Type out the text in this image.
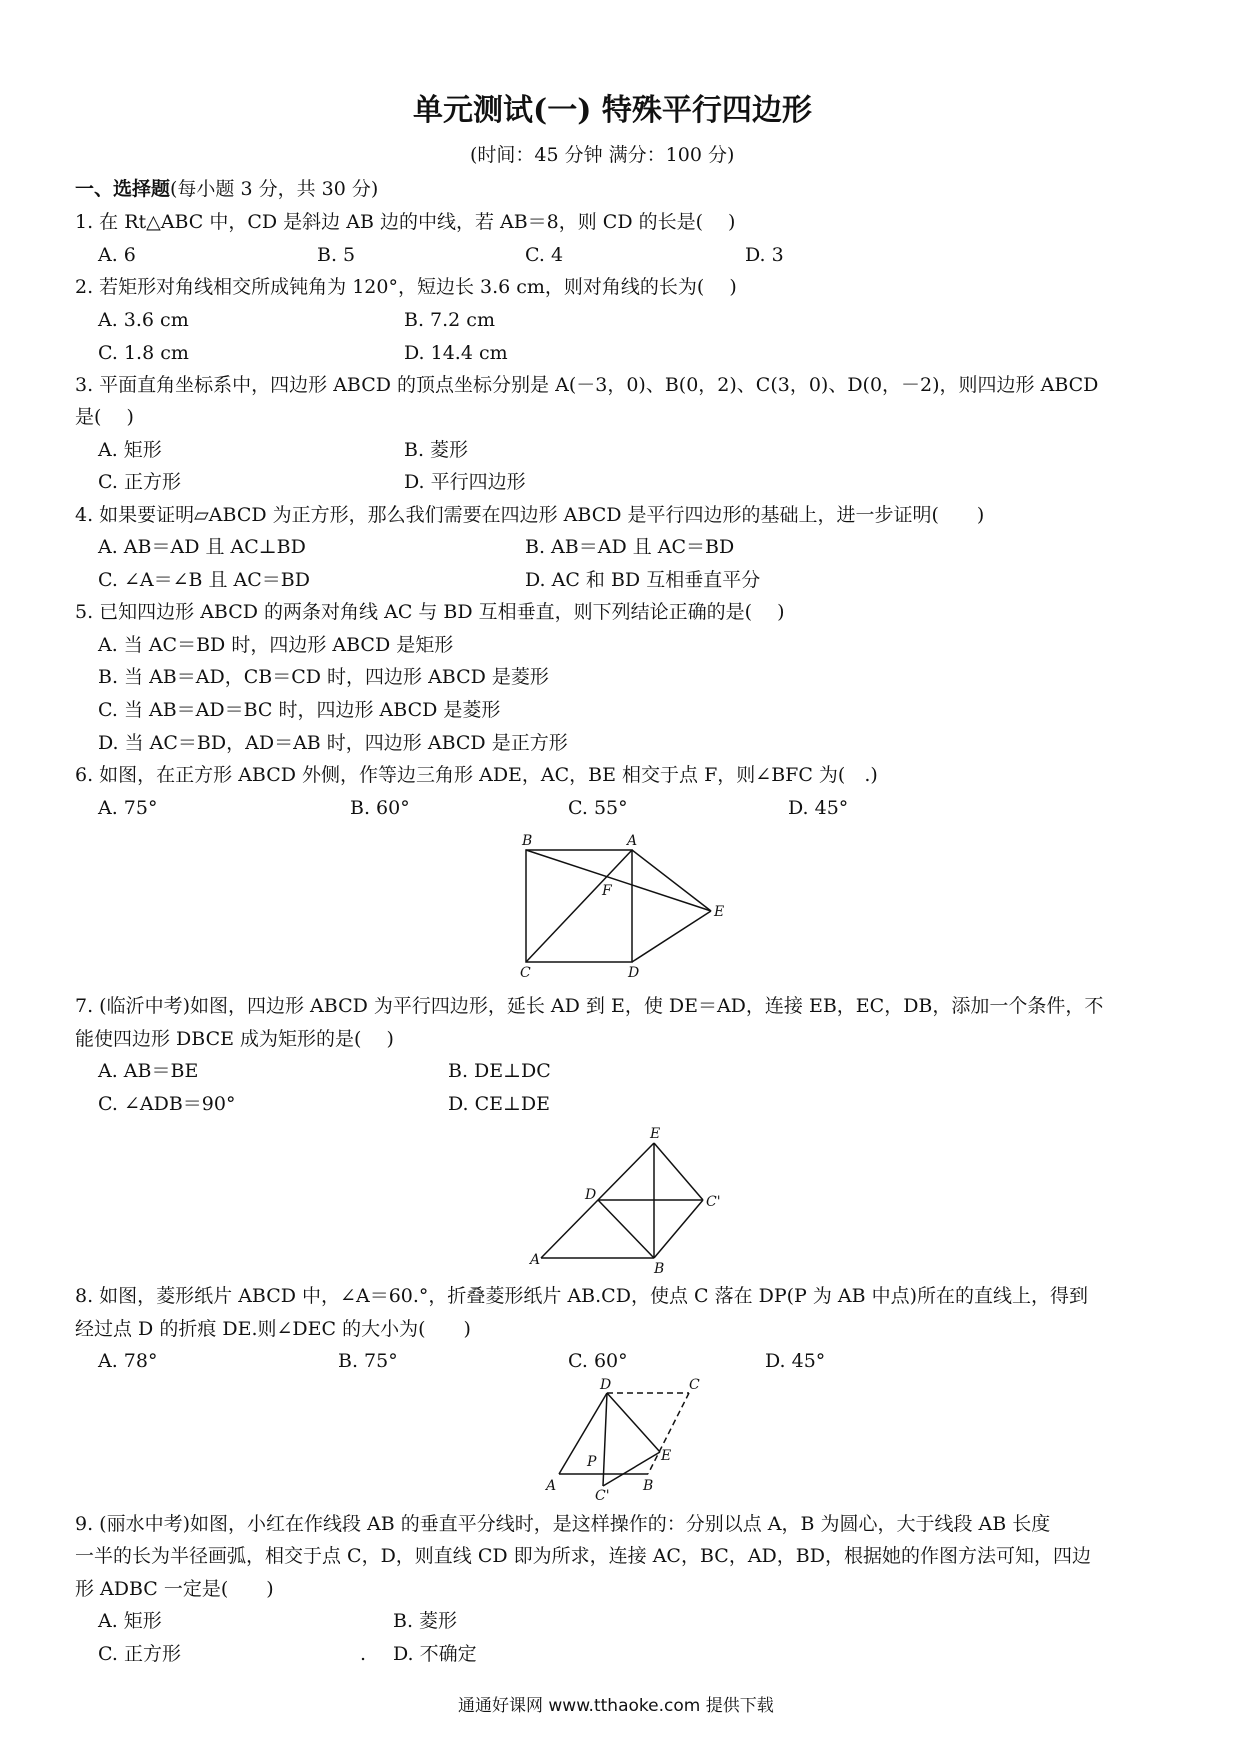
单元测试(一) 特殊平行四边形
(时间：45 分钟 满分：100 分)
一、选择题(每小题 3 分，共 30 分)
1. 在 Rt△ABC 中，CD 是斜边 AB 边的中线，若 AB＝8，则 CD 的长是(　 )
A. 6	B. 5	C. 4	D. 3
2. 若矩形对角线相交所成钝角为 120°，短边长 3.6 cm，则对角线的长为(　 )
A. 3.6 cm	B. 7.2 cm
C. 1.8 cm	D. 14.4 cm
3. 平面直角坐标系中，四边形 ABCD 的顶点坐标分别是 A(－3，0)、B(0，2)、C(3，0)、D(0，－2)，则四边形 ABCD
是(　 )
A. 矩形	B. 菱形
C. 正方形	D. 平行四边形
4. 如果要证明▱ABCD 为正方形，那么我们需要在四边形 ABCD 是平行四边形的基础上，进一步证明(　　)
A. AB＝AD 且 AC⊥BD	B. AB＝AD 且 AC＝BD
C. ∠A＝∠B 且 AC＝BD	D. AC 和 BD 互相垂直平分
5. 已知四边形 ABCD 的两条对角线 AC 与 BD 互相垂直，则下列结论正确的是(　 )
A. 当 AC＝BD 时，四边形 ABCD 是矩形
B. 当 AB＝AD，CB＝CD 时，四边形 ABCD 是菱形
C. 当 AB＝AD＝BC 时，四边形 ABCD 是菱形
D. 当 AC＝BD，AD＝AB 时，四边形 ABCD 是正方形
6. 如图，在正方形 ABCD 外侧，作等边三角形 ADE，AC，BE 相交于点 F，则∠BFC 为(　.)
A. 75°	B. 60°	C. 55°	D. 45°
B	A
F
E
C	D
7. (临沂中考)如图，四边形 ABCD 为平行四边形，延长 AD 到 E，使 DE＝AD，连接 EB，EC，DB，添加一个条件，不
能使四边形 DBCE 成为矩形的是(　 )
A. AB＝BE	B. DE⊥DC
C. ∠ADB＝90°	D. CE⊥DE
E
D	C'
A
B
8. 如图，菱形纸片 ABCD 中，∠A＝60.°，折叠菱形纸片 AB.CD，使点 C 落在 DP(P 为 AB 中点)所在的直线上，得到
经过点 D 的折痕 DE.则∠DEC 的大小为(　　)
A. 78°	B. 75°	C. 60°	D. 45°
D	C
E
P
A
C'
B
9. (丽水中考)如图，小红在作线段 AB 的垂直平分线时，是这样操作的：分别以点 A，B 为圆心，大于线段 AB 长度
一半的长为半径画弧，相交于点 C，D，则直线 CD 即为所求，连接 AC，BC，AD，BD，根据她的作图方法可知，四边
形 ADBC 一定是(　　)
A. 矩形	B. 菱形
C. 正方形	. D. 不确定
通通好课网 www.tthaoke.com 提供下载
